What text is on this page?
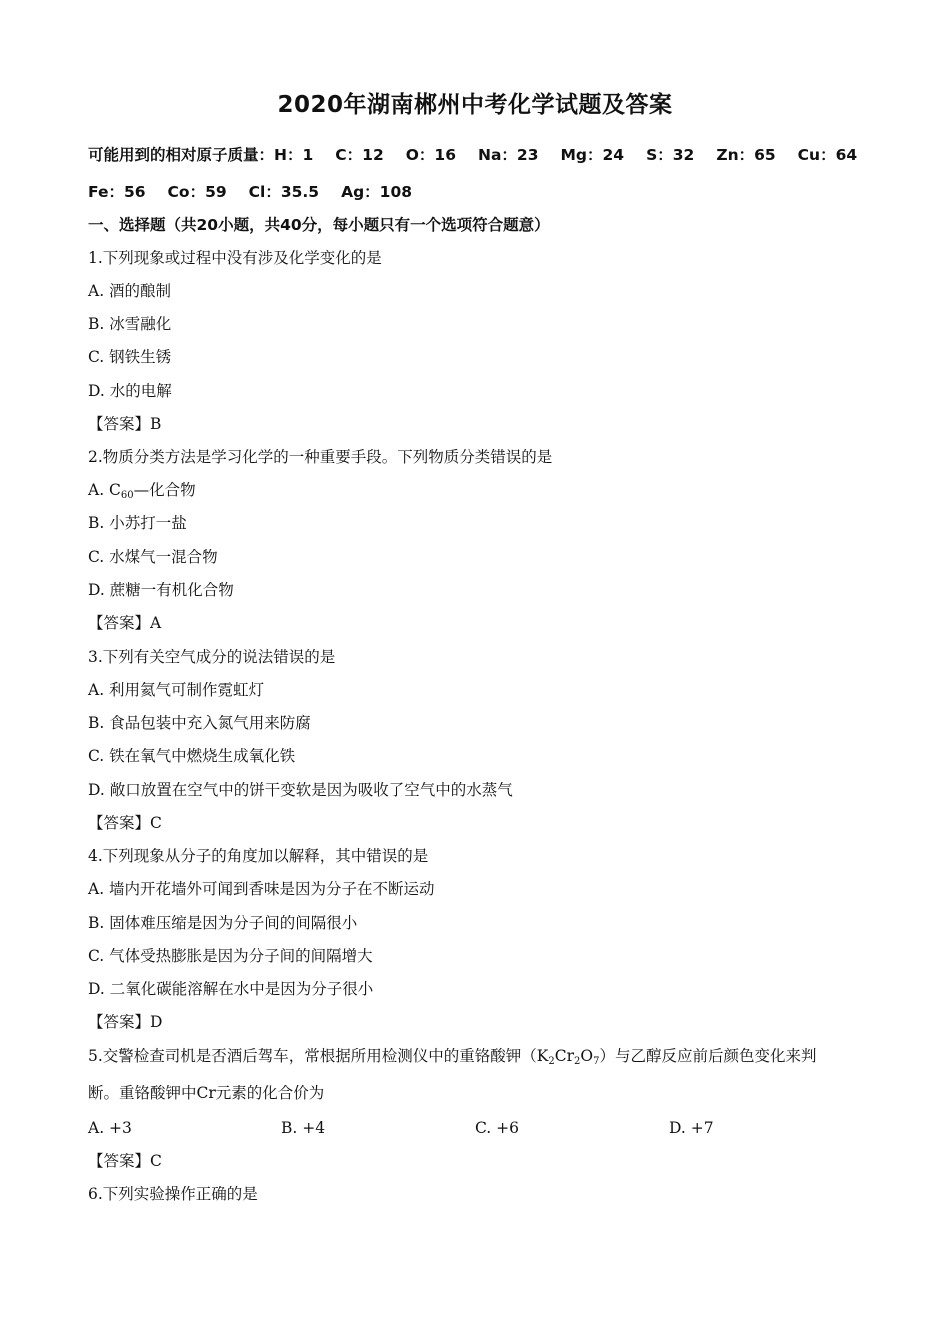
2020年湖南郴州中考化学试题及答案
可能用到的相对原子质量：H：1 C：12 O：16 Na：23 Mg：24 S：32 Zn：65 Cu：64
Fe：56 Co：59 Cl：35.5 Ag：108
一、选择题（共20小题，共40分，每小题只有一个选项符合题意）
1.下列现象或过程中没有涉及化学变化的是
A. 酒的酿制
B. 冰雪融化
C. 钢铁生锈
D. 水的电解
【答案】B
2.物质分类方法是学习化学的一种重要手段。下列物质分类错误的是
A. $C_{60}—$化合物
B. 小苏打一盐
C. 水煤气一混合物
D. 蔗糖一有机化合物
【答案】A
3.下列有关空气成分的说法错误的是
A. 利用氦气可制作霓虹灯
B. 食品包装中充入氮气用来防腐
C. 铁在氧气中燃烧生成氧化铁
D. 敞口放置在空气中的饼干变软是因为吸收了空气中的水蒸气
【答案】C
4.下列现象从分子的角度加以解释，其中错误的是
A. 墙内开花墙外可闻到香味是因为分子在不断运动
B. 固体难压缩是因为分子间的间隔很小
C. 气体受热膨胀是因为分子间的间隔增大
D. 二氧化碳能溶解在水中是因为分子很小
【答案】D
5.交警检查司机是否酒后驾车，常根据所用检测仪中的重铬酸钾$(K_2Cr_2O_7)$与乙醇反应前后颜色变化来判
断。重铬酸钾中Cr元素的化合价为
A. +3	B. +4	C. +6	D. +7
【答案】C
6.下列实验操作正确的是
